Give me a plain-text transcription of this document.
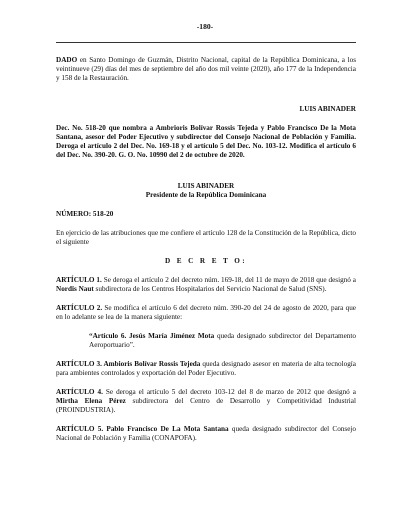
-180-

DADO en Santo Domingo de Guzmán, Distrito Nacional, capital de la República Dominicana, a los veintinueve (29) días del mes de septiembre del año dos mil veinte (2020), año 177 de la Independencia y 158 de la Restauración.

LUIS ABINADER

Dec. No. 518-20 que nombra a Ambrioris Bolívar Rossis Tejeda y Pablo Francisco De la Mota Santana, asesor del Poder Ejecutivo y subdirector del Consejo Nacional de Población y Familia. Deroga el artículo 2 del Dec. No. 169-18 y el artículo 5 del Dec. No. 103-12. Modifica el artículo 6 del Dec. No. 390-20. G. O. No. 10990 del 2 de octubre de 2020.

LUIS ABINADER

Presidente de la República Dominicana

NÚMERO: 518-20

En ejercicio de las atribuciones que me confiere el artículo 128 de la Constitución de la República, dicto el siguiente

D E C R E T O:

ARTÍCULO 1. Se deroga el artículo 2 del decreto núm. 169-18, del 11 de mayo de 2018 que designó a Nordis Naut subdirectora de los Centros Hospitalarios del Servicio Nacional de Salud (SNS).

ARTÍCULO 2. Se modifica el artículo 6 del decreto núm. 390-20 del 24 de agosto de 2020, para que en lo adelante se lea de la manera siguiente:

“Artículo 6. Jesús María Jiménez Mota queda designado subdirector del Departamento Aeroportuario”.

ARTÍCULO 3. Ambioris Bolívar Rossis Tejeda queda designado asesor en materia de alta tecnología para ambientes controlados y exportación del Poder Ejecutivo.

ARTÍCULO 4. Se deroga el artículo 5 del decreto 103-12 del 8 de marzo de 2012 que designó a Mirtha Elena Pérez subdirectora del Centro de Desarrollo y Competitividad Industrial (PROINDUSTRIA).

ARTÍCULO 5. Pablo Francisco De La Mota Santana queda designado subdirector del Consejo Nacional de Población y Familia (CONAPOFA).
